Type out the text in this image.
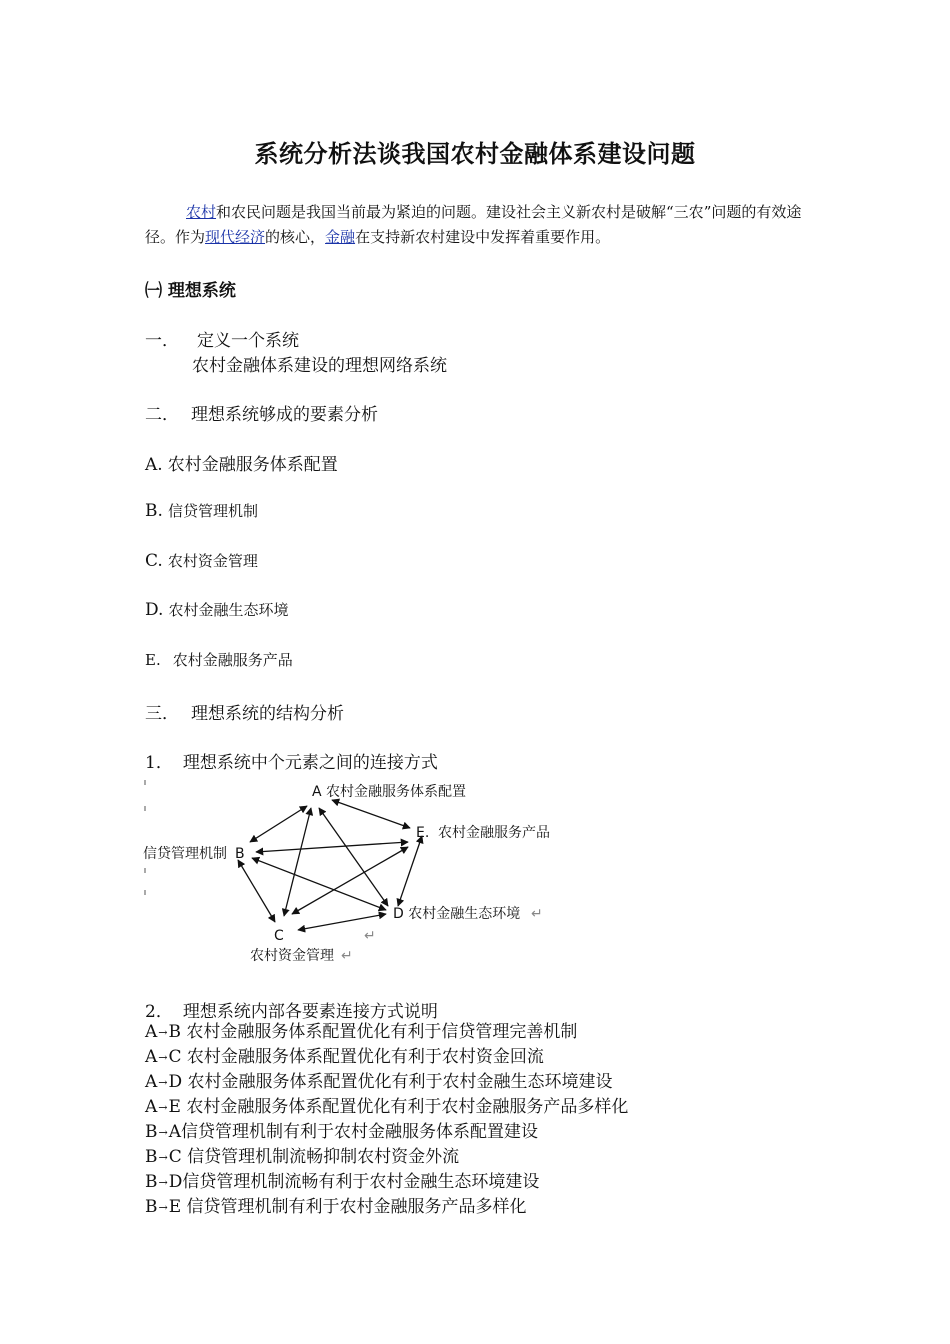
系统分析法谈我国农村金融体系建设问题
农村和农民问题是我国当前最为紧迫的问题。建设社会主义新农村是破解“三农”问题的有效途径。作为现代经济的核心，金融在支持新农村建设中发挥着重要作用。
㈠ 理想系统
一． 定义一个系统
农村金融体系建设的理想网络系统
二． 理想系统够成的要素分析
A. 农村金融服务体系配置
B. 信贷管理机制
C. 农村资金管理
D. 农村金融生态环境
E. 农村金融服务产品
三． 理想系统的结构分析
1． 理想系统中个元素之间的连接方式
A 农村金融服务体系配置
信贷管理机制 B
C
农村资金管理
D 农村金融生态环境
E. 农村金融服务产品
↵
↵
↵
2． 理想系统内部各要素连接方式说明
A→B 农村金融服务体系配置优化有利于信贷管理完善机制
A→C 农村金融服务体系配置优化有利于农村资金回流
A→D 农村金融服务体系配置优化有利于农村金融生态环境建设
A→E 农村金融服务体系配置优化有利于农村金融服务产品多样化
B→A信贷管理机制有利于农村金融服务体系配置建设
B→C 信贷管理机制流畅抑制农村资金外流
B→D信贷管理机制流畅有利于农村金融生态环境建设
B→E 信贷管理机制有利于农村金融服务产品多样化
